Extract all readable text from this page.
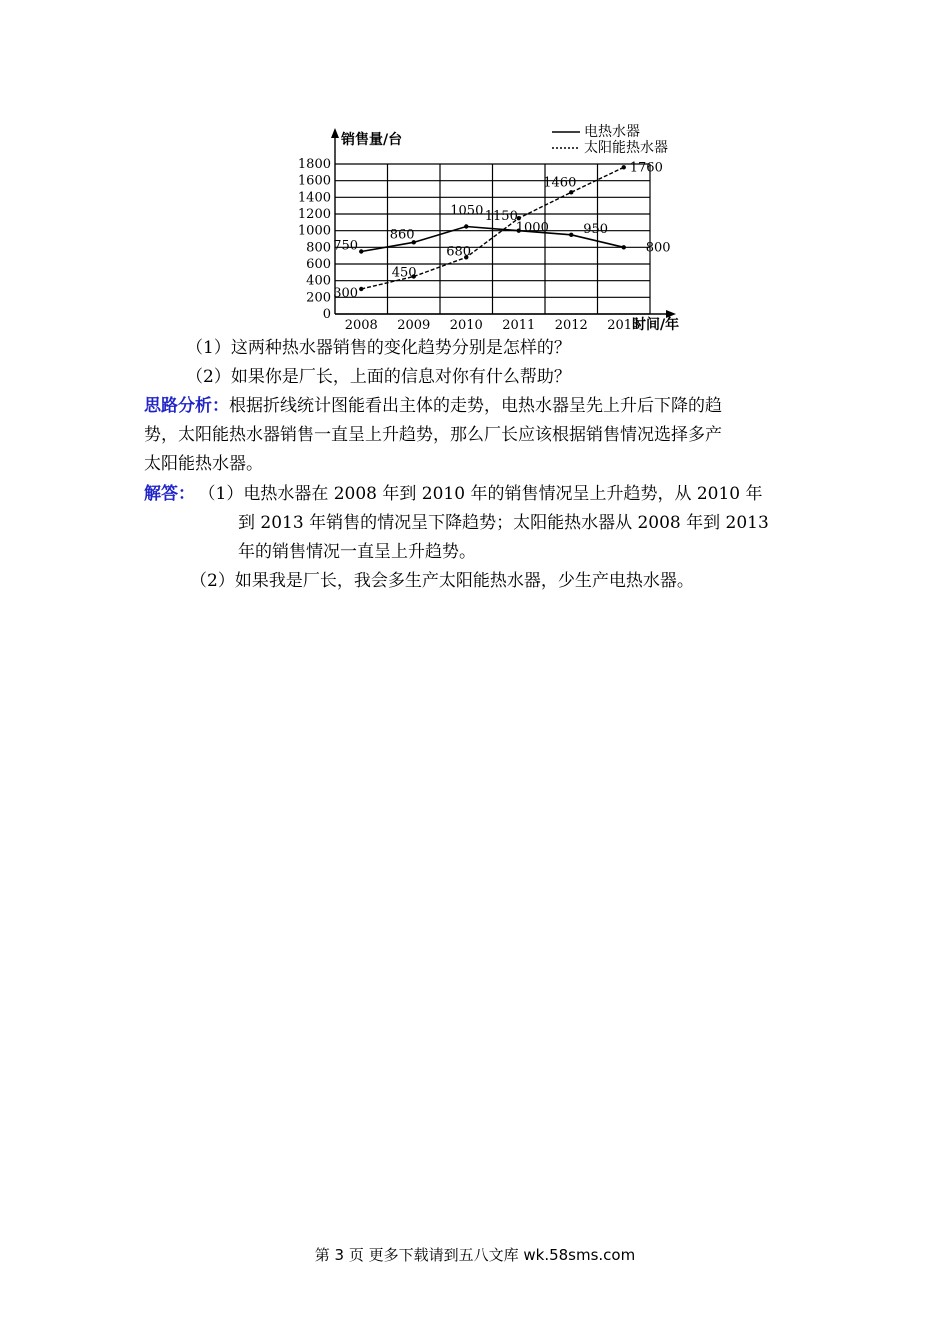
0
200
400
600
800
1000
1200
1400
1600
1800
销售量/台
时间/年
2008 2009 2010 2011 2012 2013
电热水器
太阳能热水器
750
860
1050
1000	950
800
300
450
680
1150
1460
1760
（1）这两种热水器销售的变化趋势分别是怎样的？
（2）如果你是厂长，上面的信息对你有什么帮助？
思路分析：根据折线统计图能看出主体的走势，电热水器呈先上升后下降的趋
势，太阳能热水器销售一直呈上升趋势，那么厂长应该根据销售情况选择多产
太阳能热水器。
解答： （1）电热水器在 2008 年到 2010 年的销售情况呈上升趋势，从 2010 年
到 2013 年销售的情况呈下降趋势；太阳能热水器从 2008 年到 2013
年的销售情况一直呈上升趋势。
（2）如果我是厂长，我会多生产太阳能热水器，少生产电热水器。
第 3 页 更多下载请到五八文库 wk.58sms.com
